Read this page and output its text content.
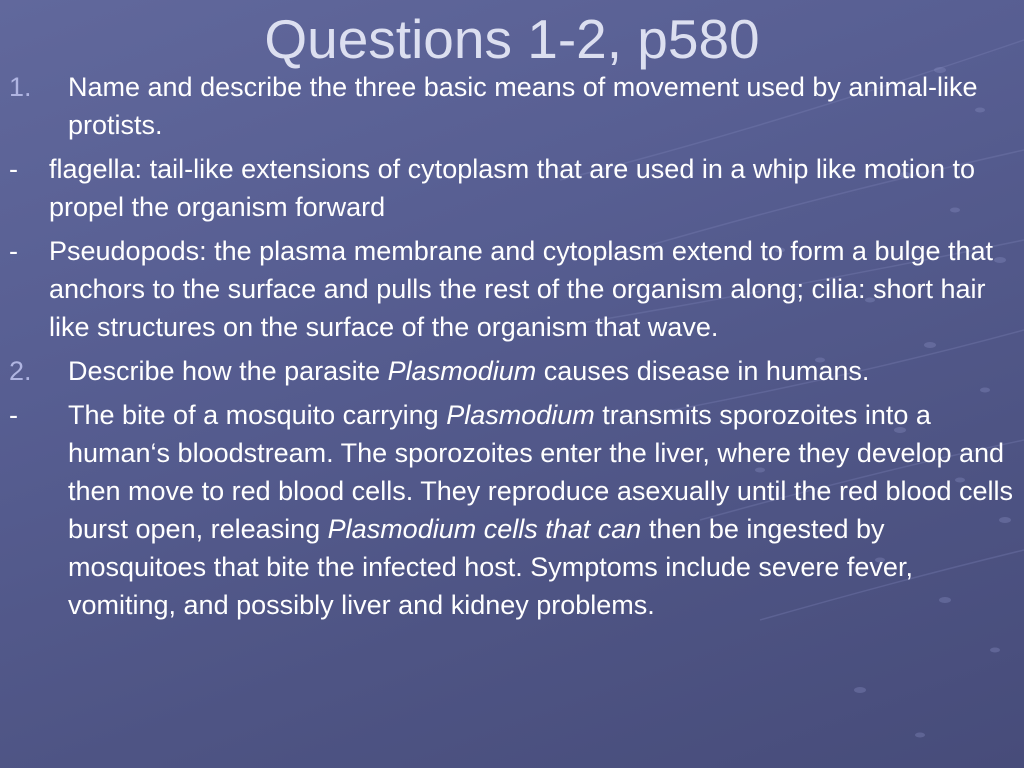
Questions 1-2, p580
1. Name and describe the three basic means of movement used by animal-like protists.
- flagella: tail-like extensions of cytoplasm that are used in a whip like motion to propel the organism forward
- Pseudopods: the plasma membrane and cytoplasm extend to form a bulge that anchors to the surface and pulls the rest of the organism along; cilia: short hair like structures on the surface of the organism that wave.
2. Describe how the parasite Plasmodium causes disease in humans.
- The bite of a mosquito carrying Plasmodium transmits sporozoites into a human‘s bloodstream. The sporozoites enter the liver, where they develop and then move to red blood cells. They reproduce asexually until the red blood cells burst open, releasing Plasmodium cells that can then be ingested by mosquitoes that bite the infected host. Symptoms include severe fever, vomiting, and possibly liver and kidney problems.
